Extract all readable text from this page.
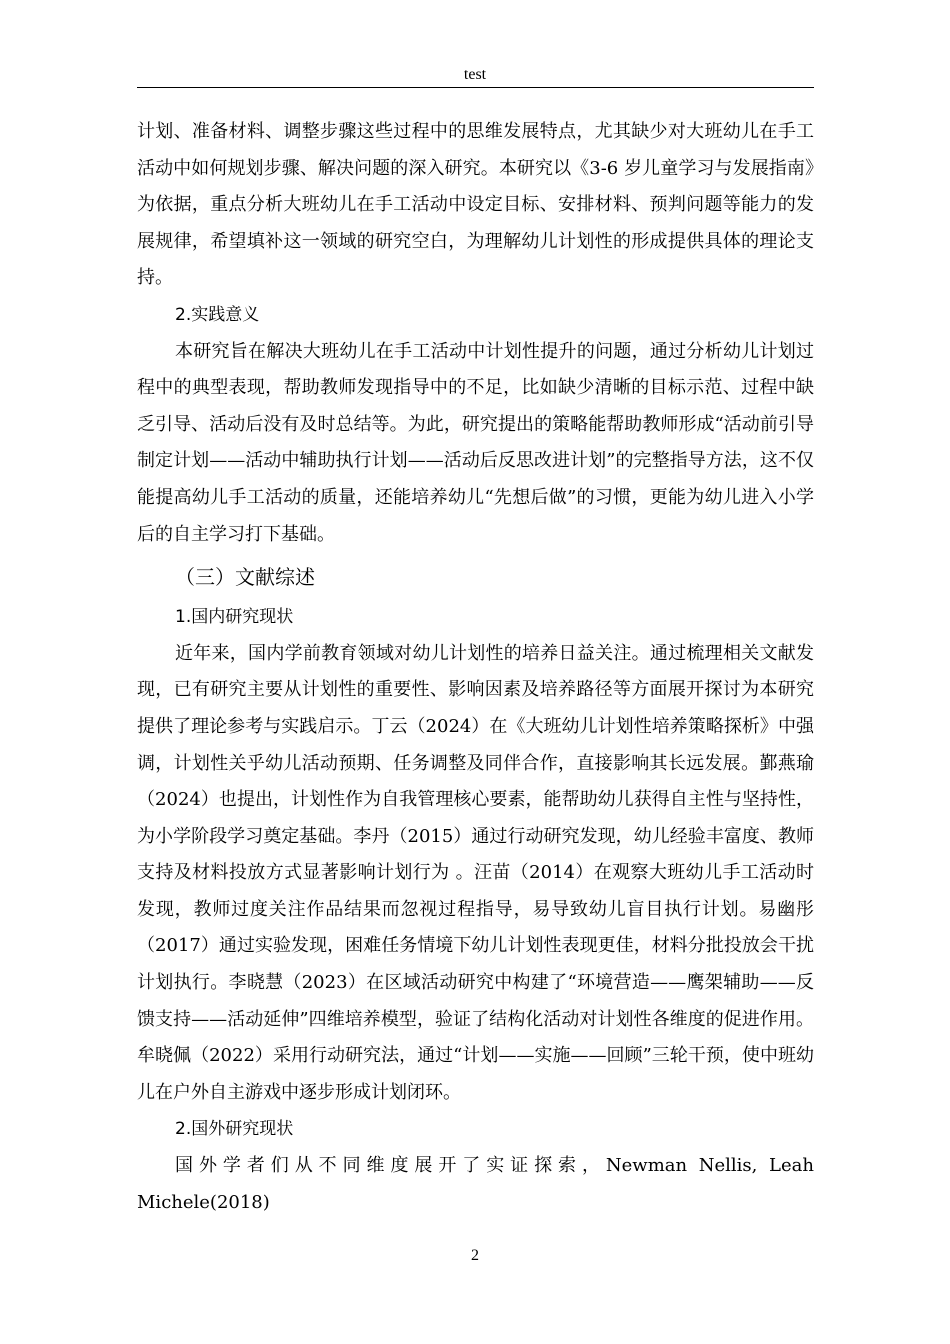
test

计划、准备材料、调整步骤这些过程中的思维发展特点，尤其缺少对大班幼儿在手工活动中如何规划步骤、解决问题的深入研究。本研究以《3-6 岁儿童学习与发展指南》为依据，重点分析大班幼儿在手工活动中设定目标、安排材料、预判问题等能力的发展规律，希望填补这一领域的研究空白，为理解幼儿计划性的形成提供具体的理论支持。

2.实践意义

本研究旨在解决大班幼儿在手工活动中计划性提升的问题，通过分析幼儿计划过程中的典型表现，帮助教师发现指导中的不足，比如缺少清晰的目标示范、过程中缺乏引导、活动后没有及时总结等。为此，研究提出的策略能帮助教师形成“活动前引导制定计划——活动中辅助执行计划——活动后反思改进计划”的完整指导方法，这不仅能提高幼儿手工活动的质量，还能培养幼儿“先想后做”的习惯，更能为幼儿进入小学后的自主学习打下基础。

（三）文献综述

1.国内研究现状

近年来，国内学前教育领域对幼儿计划性的培养日益关注。通过梳理相关文献发现，已有研究主要从计划性的重要性、影响因素及培养路径等方面展开探讨为本研究提供了理论参考与实践启示。丁云（2024）在《大班幼儿计划性培养策略探析》中强调，计划性关乎幼儿活动预期、任务调整及同伴合作，直接影响其长远发展。鄞燕瑜（2024）也提出，计划性作为自我管理核心要素，能帮助幼儿获得自主性与坚持性，为小学阶段学习奠定基础。李丹（2015）通过行动研究发现，幼儿经验丰富度、教师支持及材料投放方式显著影响计划行为 。汪苗（2014）在观察大班幼儿手工活动时发现，教师过度关注作品结果而忽视过程指导，易导致幼儿盲目执行计划。易幽彤（2017）通过实验发现，困难任务情境下幼儿计划性表现更佳，材料分批投放会干扰计划执行。李晓慧（2023）在区域活动研究中构建了“环境营造——鹰架辅助——反馈支持——活动延伸”四维培养模型，验证了结构化活动对计划性各维度的促进作用。牟晓佩（2022）采用行动研究法，通过“计划——实施——回顾”三轮干预，使中班幼儿在户外自主游戏中逐步形成计划闭环。

2.国外研究现状

国外学者们从不同维度展开了实证探索，Newman Nellis, Leah Michele(2018)

2
